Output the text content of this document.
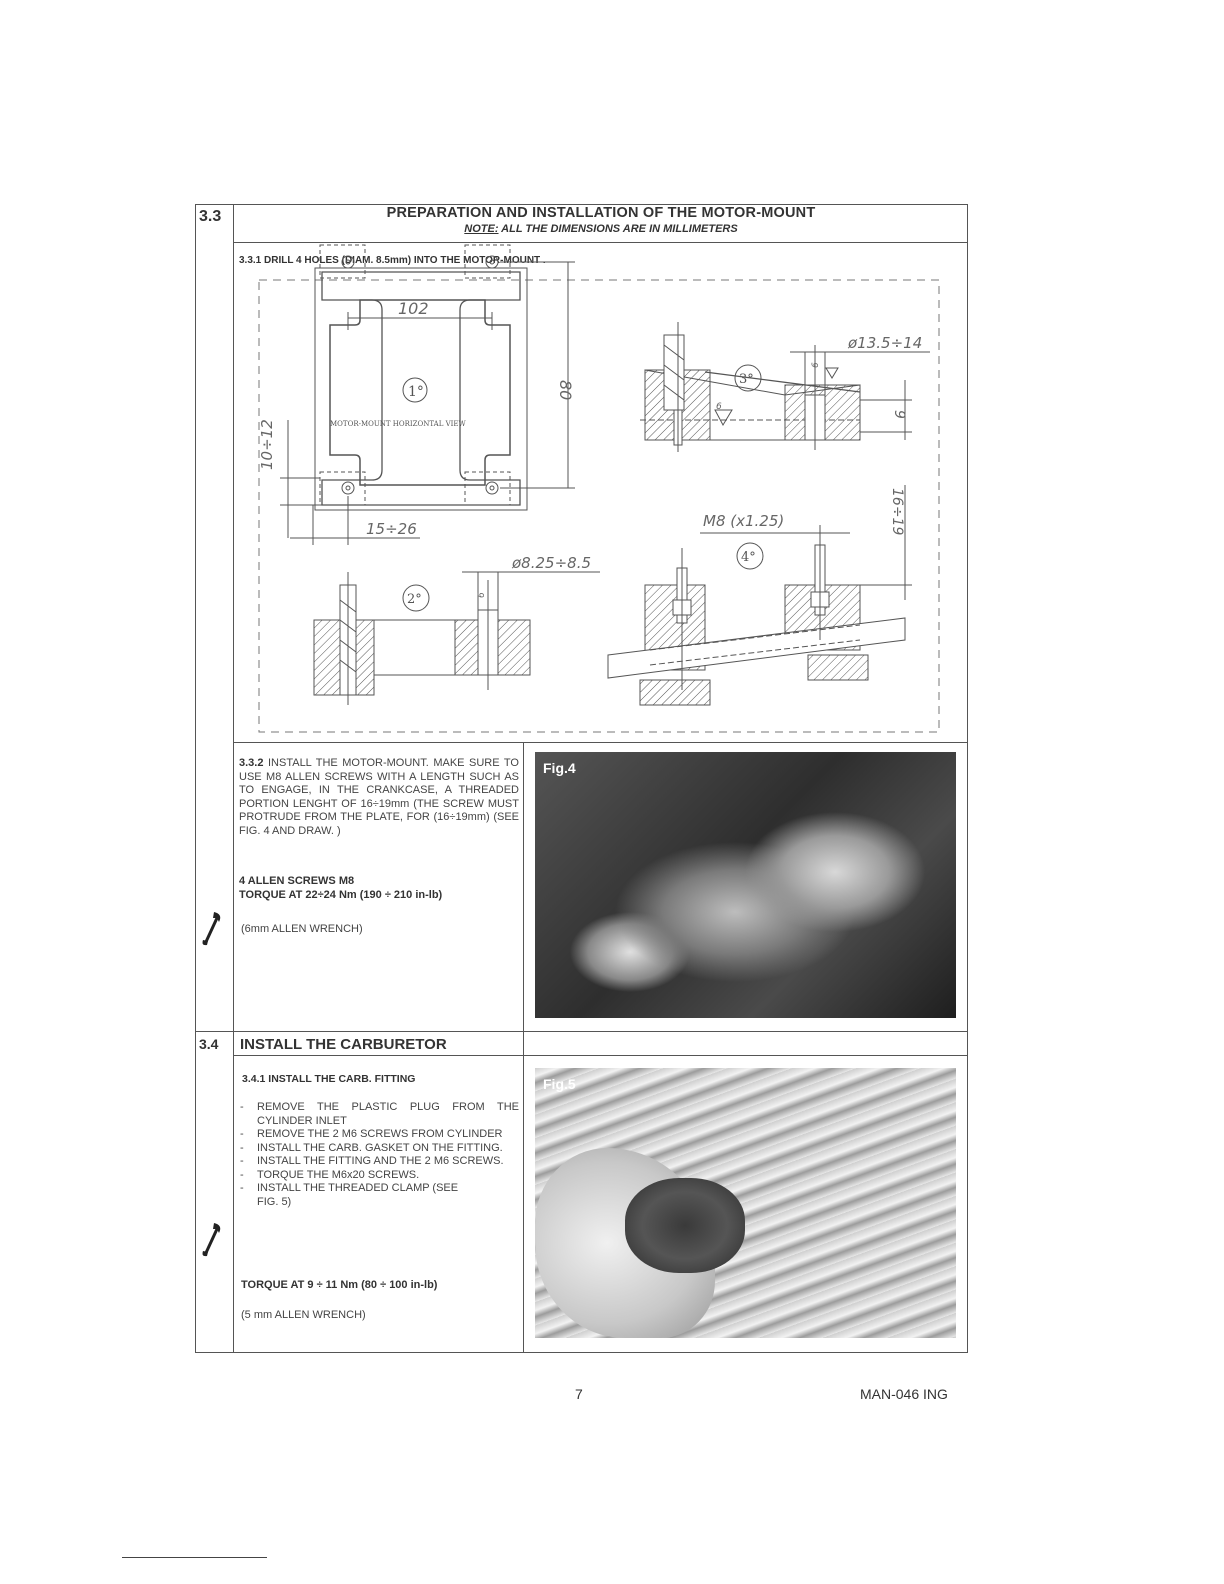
3.3	PREPARATION AND INSTALLATION OF THE MOTOR-MOUNT
NOTE: ALL THE DIMENSIONS ARE IN MILLIMETERS
3.3.1 DRILL 4 HOLES (DIAM. 8.5mm) INTO THE MOTOR-MOUNT .
102
80
10÷12
15÷26
ø8.25÷8.5
ø13.5÷14
9
6
6
6
M8 (x1.25)	16÷19
MOTOR-MOUNT HORIZONTAL VIEW
1°
2°
3°
4°
3.3.2 INSTALL THE MOTOR-MOUNT. MAKE SURE TO USE M8 ALLEN SCREWS WITH A LENGTH SUCH AS TO ENGAGE, IN THE CRANKCASE, A THREADED PORTION LENGHT OF 16÷19mm (THE SCREW MUST PROTRUDE FROM THE PLATE, FOR (16÷19mm) (SEE FIG. 4 AND DRAW. )
4 ALLEN SCREWS M8
TORQUE AT 22÷24 Nm (190 ÷ 210 in-lb)
(6mm ALLEN WRENCH)
Fig.4
3.4 INSTALL THE CARBURETOR
3.4.1 INSTALL THE CARB. FITTING
- REMOVE THE PLASTIC PLUG FROM THE CYLINDER INLET
- REMOVE THE 2 M6 SCREWS FROM CYLINDER
- INSTALL THE CARB. GASKET ON THE FITTING.
- INSTALL THE FITTING AND THE 2 M6 SCREWS.
- TORQUE THE M6x20 SCREWS.
- INSTALL THE THREADED CLAMP (SEE FIG. 5)
TORQUE AT 9 ÷ 11 Nm (80 ÷ 100 in-lb)
(5 mm ALLEN WRENCH)
Fig.5
7	MAN-046 ING
